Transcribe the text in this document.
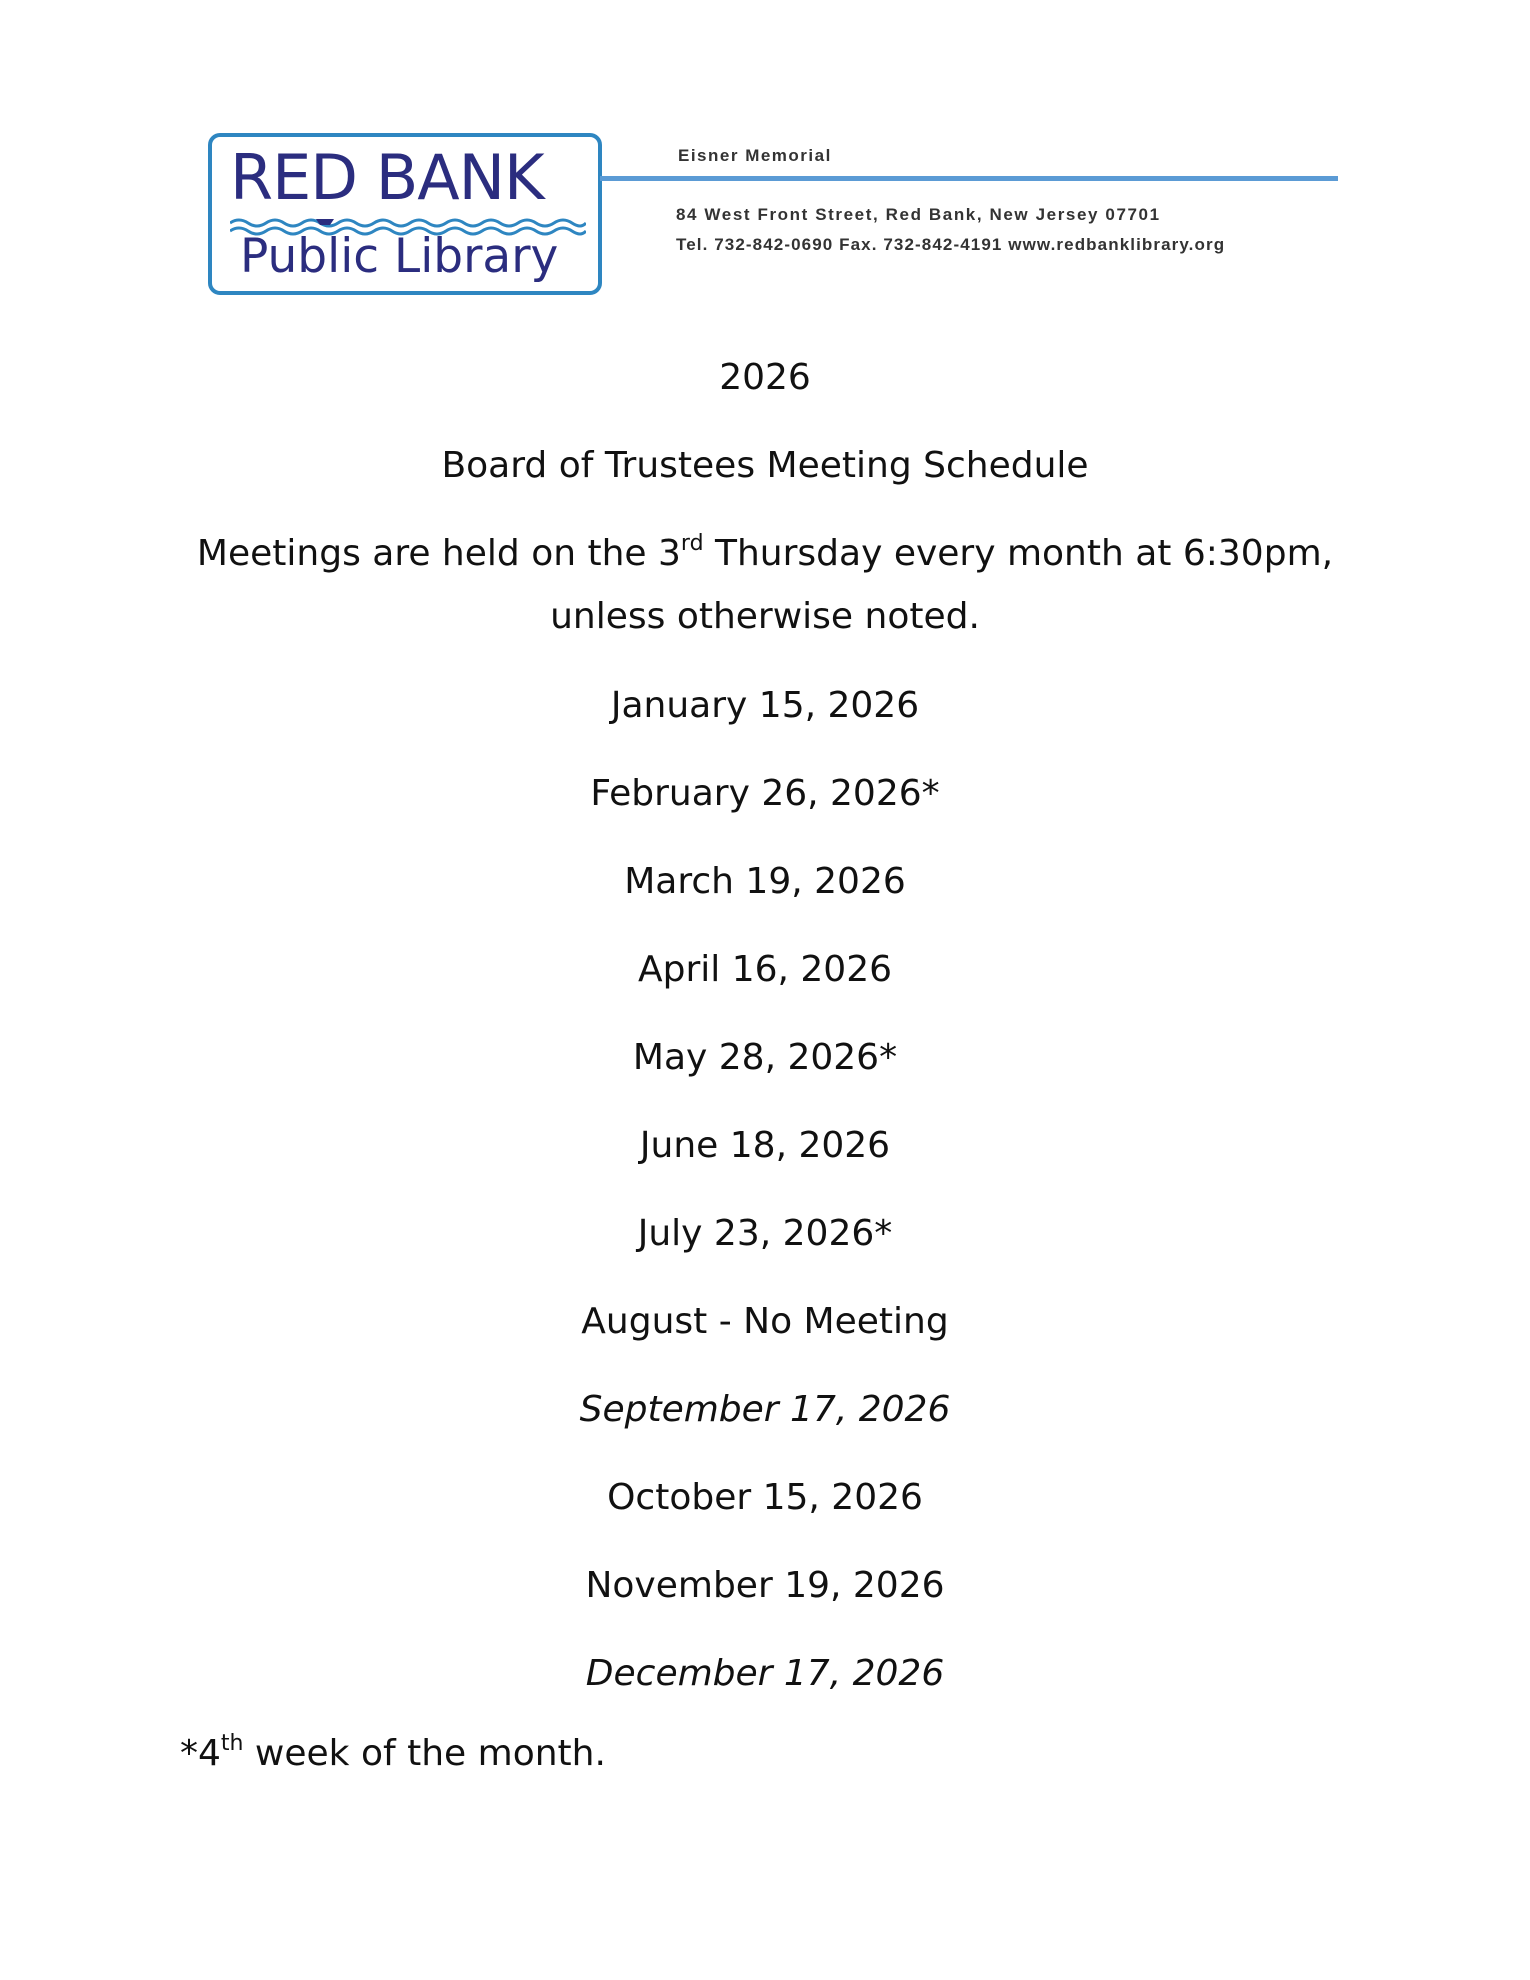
RED BANK
Public Library
Eisner Memorial
84 West Front Street, Red Bank, New Jersey 07701
Tel. 732-842-0690 Fax. 732-842-4191 www.redbanklibrary.org
2026
Board of Trustees Meeting Schedule
Meetings are held on the 3rd Thursday every month at 6:30pm,
unless otherwise noted.
January 15, 2026
February 26, 2026*
March 19, 2026
April 16, 2026
May 28, 2026*
June 18, 2026
July 23, 2026*
August - No Meeting
September 17, 2026
October 15, 2026
November 19, 2026
December 17, 2026
*4th week of the month.
